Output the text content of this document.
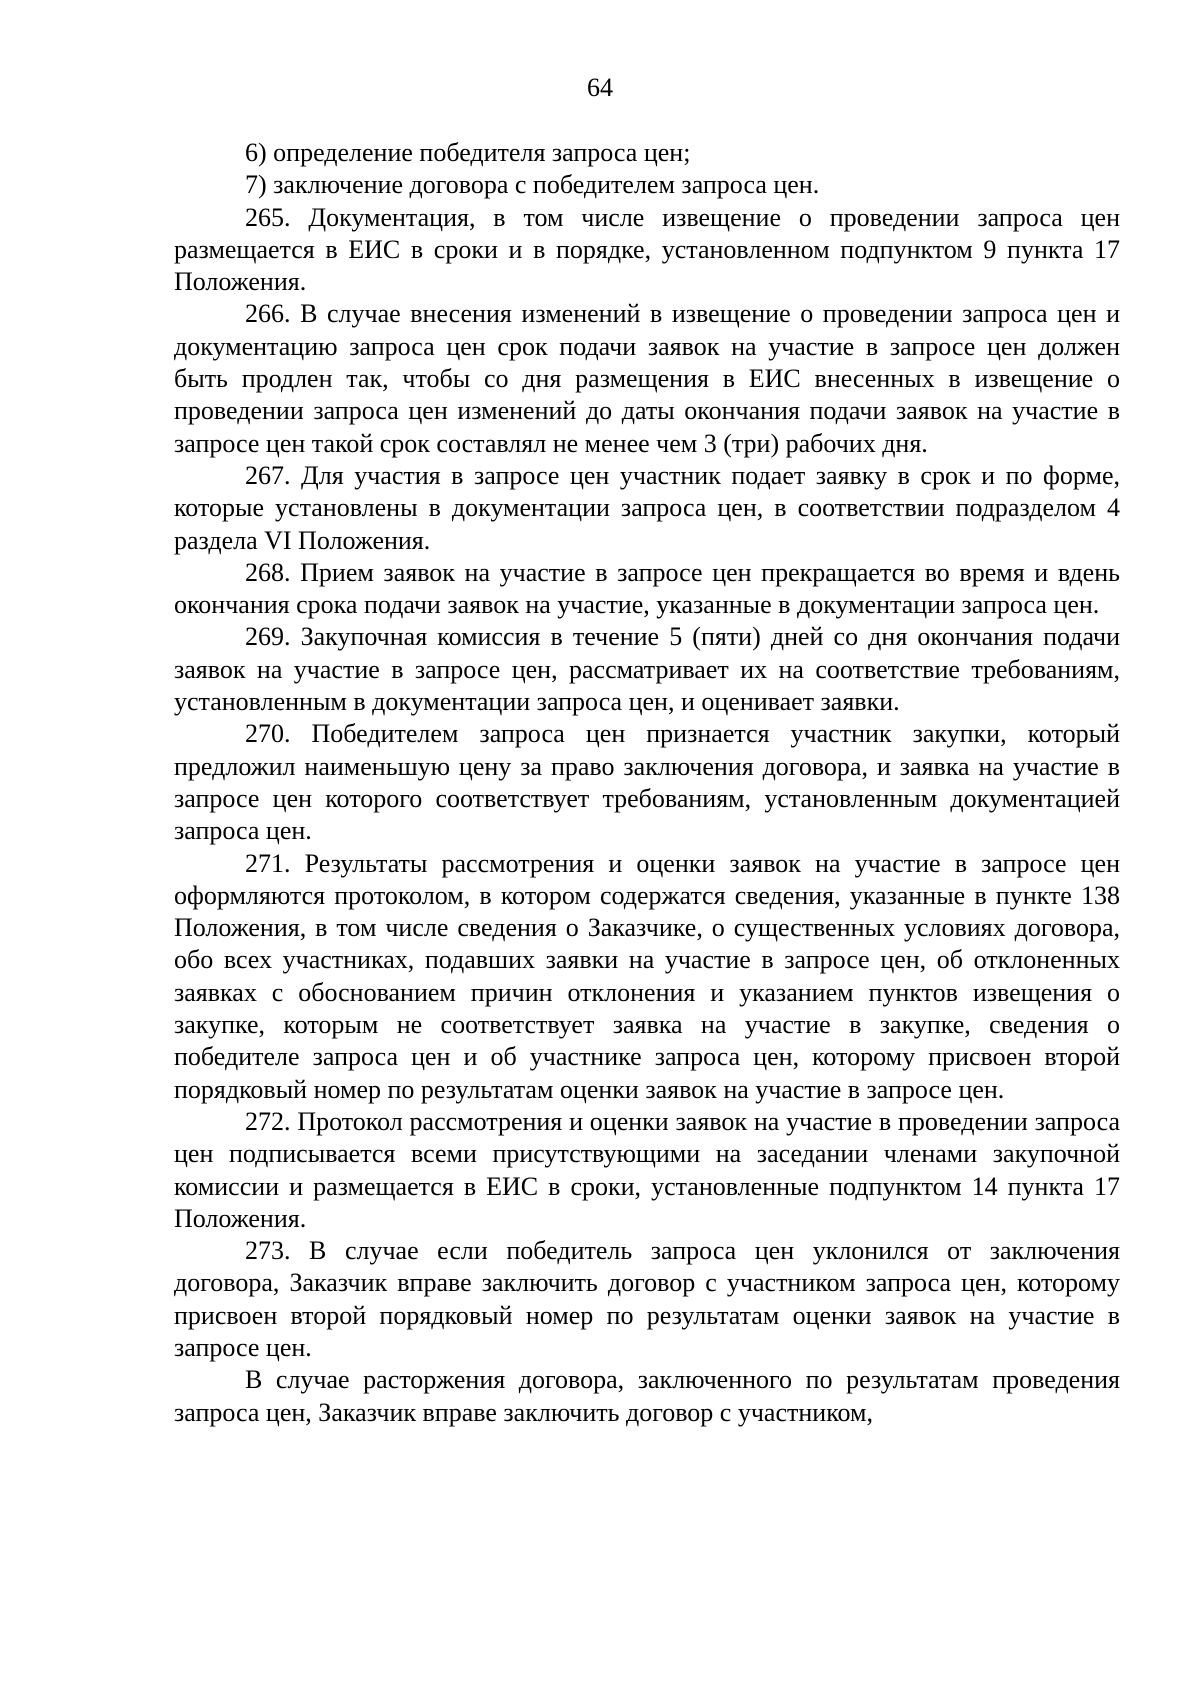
64

6) определение победителя запроса цен;

7) заключение договора с победителем запроса цен.

265. Документация, в том числе извещение о проведении запроса цен размещается в ЕИС в сроки и в порядке, установленном подпунктом 9 пункта 17 Положения.

266. В случае внесения изменений в извещение о проведении запроса цен и документацию запроса цен срок подачи заявок на участие в запросе цен должен быть продлен так, чтобы со дня размещения в ЕИС внесенных в извещение о проведении запроса цен изменений до даты окончания подачи заявок на участие в запросе цен такой срок составлял не менее чем 3 (три) рабочих дня.

267. Для участия в запросе цен участник подает заявку в срок и по форме, которые установлены в документации запроса цен, в соответствии подразделом 4 раздела VI Положения.

268. Прием заявок на участие в запросе цен прекращается во время и вдень окончания срока подачи заявок на участие, указанные в документации запроса цен.

269. Закупочная комиссия в течение 5 (пяти) дней со дня окончания подачи заявок на участие в запросе цен, рассматривает их на соответствие требованиям, установленным в документации запроса цен, и оценивает заявки.

270. Победителем запроса цен признается участник закупки, который предложил наименьшую цену за право заключения договора, и заявка на участие в запросе цен которого соответствует требованиям, установленным документацией запроса цен.

271. Результаты рассмотрения и оценки заявок на участие в запросе цен оформляются протоколом, в котором содержатся сведения, указанные в пункте 138 Положения, в том числе сведения о Заказчике, о существенных условиях договора, обо всех участниках, подавших заявки на участие в запросе цен, об отклоненных заявках с обоснованием причин отклонения и указанием пунктов извещения о закупке, которым не соответствует заявка на участие в закупке, сведения о победителе запроса цен и об участнике запроса цен, которому присвоен второй порядковый номер по результатам оценки заявок на участие в запросе цен.

272. Протокол рассмотрения и оценки заявок на участие в проведении запроса цен подписывается всеми присутствующими на заседании членами закупочной комиссии и размещается в ЕИС в сроки, установленные подпунктом 14 пункта 17 Положения.

273. В случае если победитель запроса цен уклонился от заключения договора, Заказчик вправе заключить договор с участником запроса цен, которому присвоен второй порядковый номер по результатам оценки заявок на участие в запросе цен.

В случае расторжения договора, заключенного по результатам проведения запроса цен, Заказчик вправе заключить договор с участником,
